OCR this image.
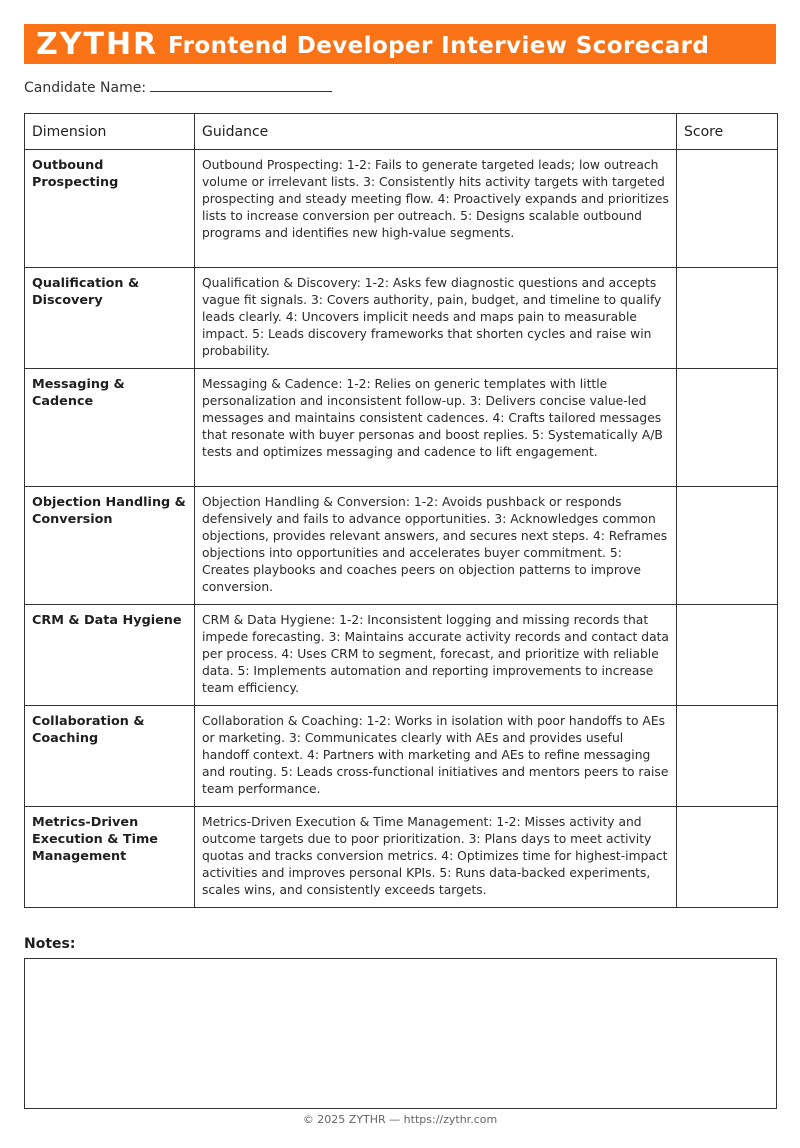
ZYTHR Frontend Developer Interview Scorecard
Candidate Name:
Dimension	Guidance	Score
Outbound Prospecting	Outbound Prospecting: 1-2: Fails to generate targeted leads; low outreach volume or irrelevant lists. 3: Consistently hits activity targets with targeted prospecting and steady meeting flow. 4: Proactively expands and prioritizes lists to increase conversion per outreach. 5: Designs scalable outbound programs and identifies new high-value segments.	
Qualification & Discovery	Qualification & Discovery: 1-2: Asks few diagnostic questions and accepts vague fit signals. 3: Covers authority, pain, budget, and timeline to qualify leads clearly. 4: Uncovers implicit needs and maps pain to measurable impact. 5: Leads discovery frameworks that shorten cycles and raise win probability.	
Messaging & Cadence	Messaging & Cadence: 1-2: Relies on generic templates with little personalization and inconsistent follow-up. 3: Delivers concise value-led messages and maintains consistent cadences. 4: Crafts tailored messages that resonate with buyer personas and boost replies. 5: Systematically A/B tests and optimizes messaging and cadence to lift engagement.	
Objection Handling & Conversion	Objection Handling & Conversion: 1-2: Avoids pushback or responds defensively and fails to advance opportunities. 3: Acknowledges common objections, provides relevant answers, and secures next steps. 4: Reframes objections into opportunities and accelerates buyer commitment. 5: Creates playbooks and coaches peers on objection patterns to improve conversion.	
CRM & Data Hygiene	CRM & Data Hygiene: 1-2: Inconsistent logging and missing records that impede forecasting. 3: Maintains accurate activity records and contact data per process. 4: Uses CRM to segment, forecast, and prioritize with reliable data. 5: Implements automation and reporting improvements to increase team efficiency.	
Collaboration & Coaching	Collaboration & Coaching: 1-2: Works in isolation with poor handoffs to AEs or marketing. 3: Communicates clearly with AEs and provides useful handoff context. 4: Partners with marketing and AEs to refine messaging and routing. 5: Leads cross-functional initiatives and mentors peers to raise team performance.	
Metrics-Driven Execution & Time Management	Metrics-Driven Execution & Time Management: 1-2: Misses activity and outcome targets due to poor prioritization. 3: Plans days to meet activity quotas and tracks conversion metrics. 4: Optimizes time for highest-impact activities and improves personal KPIs. 5: Runs data-backed experiments, scales wins, and consistently exceeds targets.	
Notes:
© 2025 ZYTHR — https://zythr.com
